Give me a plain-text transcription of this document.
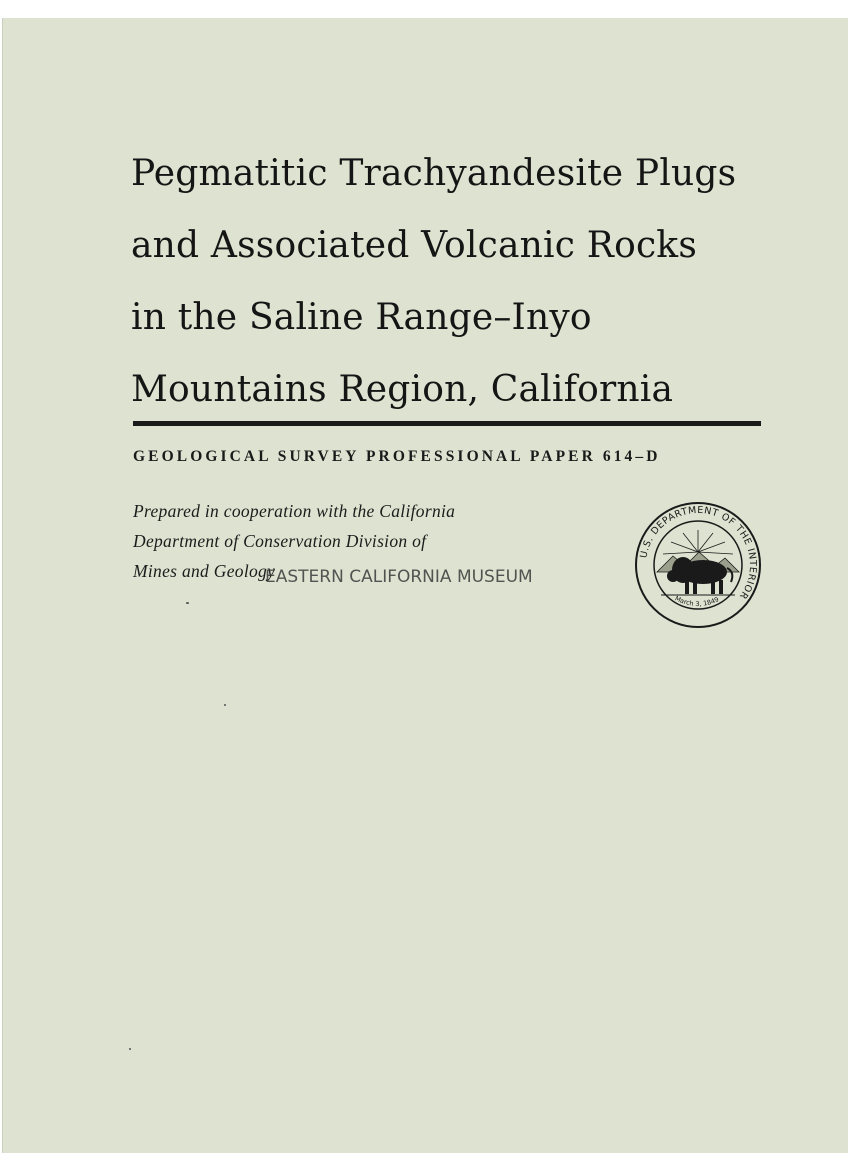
Pegmatitic Trachyandesite Plugs
and Associated Volcanic Rocks
in the Saline Range–Inyo
Mountains Region, California
GEOLOGICAL SURVEY PROFESSIONAL PAPER 614–D
Prepared in cooperation with the California
Department of Conservation Division of
Mines and Geology
EASTERN CALIFORNIA MUSEUM
U.S. DEPARTMENT OF THE INTERIOR
March 3, 1849
